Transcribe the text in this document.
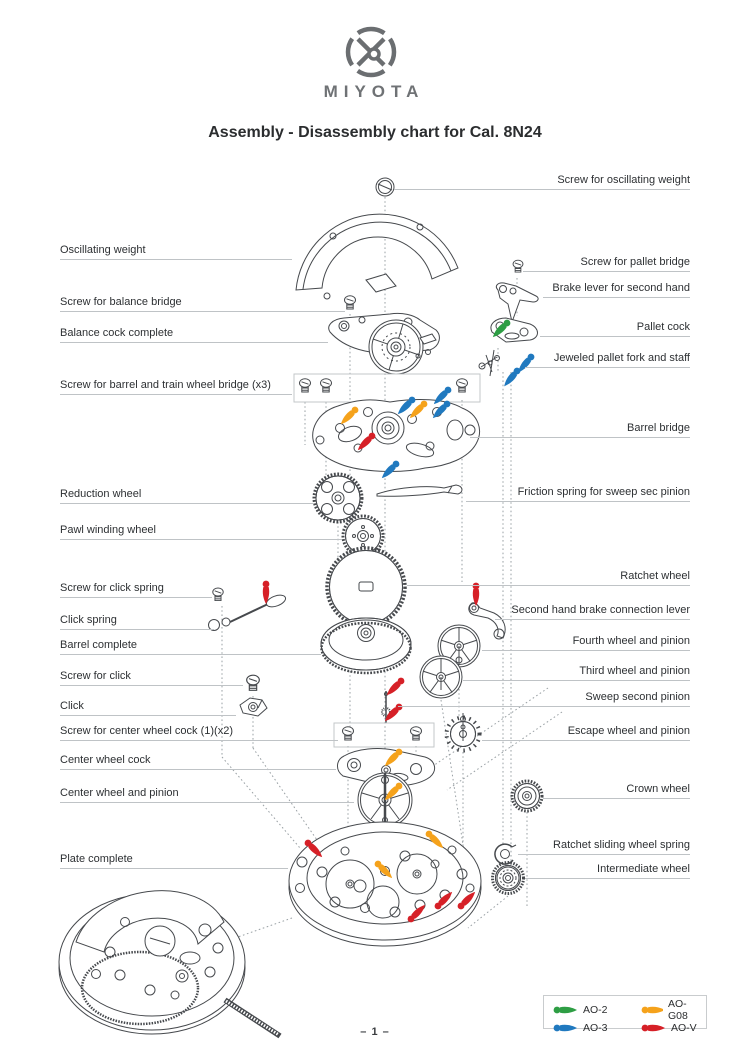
MIYOTA
Assembly - Disassembly chart for Cal. 8N24
Oscillating weight
Screw for balance bridge
Balance cock complete
Screw for barrel and train wheel bridge (x3)
Reduction wheel
Pawl winding wheel
Screw for click spring
Click spring
Barrel complete
Screw for click
Click
Screw for center wheel cock (1)(x2)
Center wheel cock
Center wheel and pinion
Plate complete
Screw for oscillating weight
Screw for pallet bridge
Brake lever for second hand
Pallet cock
Jeweled pallet fork and staff
Barrel bridge
Friction spring for sweep sec pinion
Ratchet wheel
Second hand brake connection lever
Fourth wheel and pinion
Third wheel and pinion
Sweep second pinion
Escape wheel and pinion
Crown wheel
Ratchet sliding wheel spring
Intermediate wheel
AO-2	AO-G08
AO-3	AO-V
– 1 –
